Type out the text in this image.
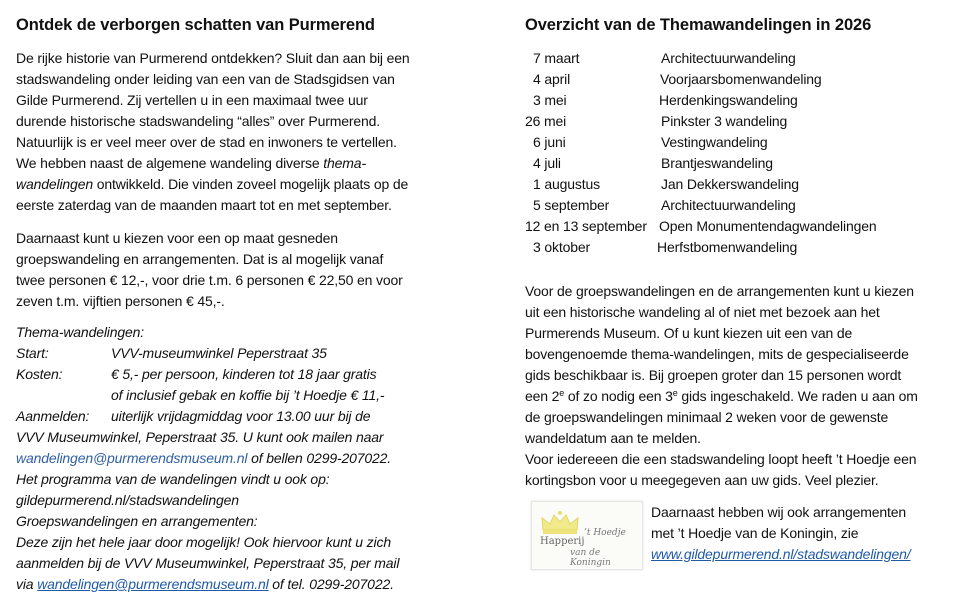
Ontdek de verborgen schatten van Purmerend
De rijke historie van Purmerend ontdekken? Sluit dan aan bij een
stadswandeling onder leiding van een van de Stadsgidsen van
Gilde Purmerend. Zij vertellen u in een maximaal twee uur
durende historische stadswandeling “alles” over Purmerend.
Natuurlijk is er veel meer over de stad en inwoners te vertellen.
We hebben naast de algemene wandeling diverse thema-
wandelingen ontwikkeld. Die vinden zoveel mogelijk plaats op de
eerste zaterdag van de maanden maart tot en met september.
Daarnaast kunt u kiezen voor een op maat gesneden
groepswandeling en arrangementen. Dat is al mogelijk vanaf
twee personen € 12,-, voor drie t.m. 6 personen € 22,50 en voor
zeven t.m. vijftien personen € 45,-.
Thema-wandelingen:
Start:	VVV-museumwinkel Peperstraat 35
Kosten:	€ 5,- per persoon, kinderen tot 18 jaar gratis
of inclusief gebak en koffie bij ’t Hoedje € 11,-
Aanmelden: uiterlijk vrijdagmiddag voor 13.00 uur bij de
VVV Museumwinkel, Peperstraat 35. U kunt ook mailen naar
wandelingen@purmerendsmuseum.nl of bellen 0299-207022.
Het programma van de wandelingen vindt u ook op:
gildepurmerend.nl/stadswandelingen
Groepswandelingen en arrangementen:
Deze zijn het hele jaar door mogelijk! Ook hiervoor kunt u zich
aanmelden bij de VVV Museumwinkel, Peperstraat 35, per mail
via wandelingen@purmerendsmuseum.nl of tel. 0299-207022.
Overzicht van de Themawandelingen in 2026
7 maart	Architectuurwandeling
4 april	Voorjaarsbomenwandeling
3 mei	Herdenkingswandeling
26 mei	Pinkster 3 wandeling
6 juni	Vestingwandeling
4 juli	Brantjeswandeling
1 augustus	Jan Dekkerswandeling
5 september	Architectuurwandeling
12 en 13 september Open Monumentendagwandelingen
3 oktober	Herfstbomenwandeling
Voor de groepswandelingen en de arrangementen kunt u kiezen
uit een historische wandeling al of niet met bezoek aan het
Purmerends Museum. Of u kunt kiezen uit een van de
bovengenoemde thema-wandelingen, mits de gespecialiseerde
gids beschikbaar is. Bij groepen groter dan 15 personen wordt
een 2e of zo nodig een 3e gids ingeschakeld. We raden u aan om
de groepswandelingen minimaal 2 weken voor de gewenste
wandeldatum aan te melden.
Voor iedereeen die een stadswandeling loopt heeft ’t Hoedje een
kortingsbon voor u meegegeven aan uw gids. Veel plezier.
Happerij
’t Hoedje
van de Koningin
Daarnaast hebben wij ook arrangementen
met ’t Hoedje van de Koningin, zie
www.gildepurmerend.nl/stadswandelingen/
